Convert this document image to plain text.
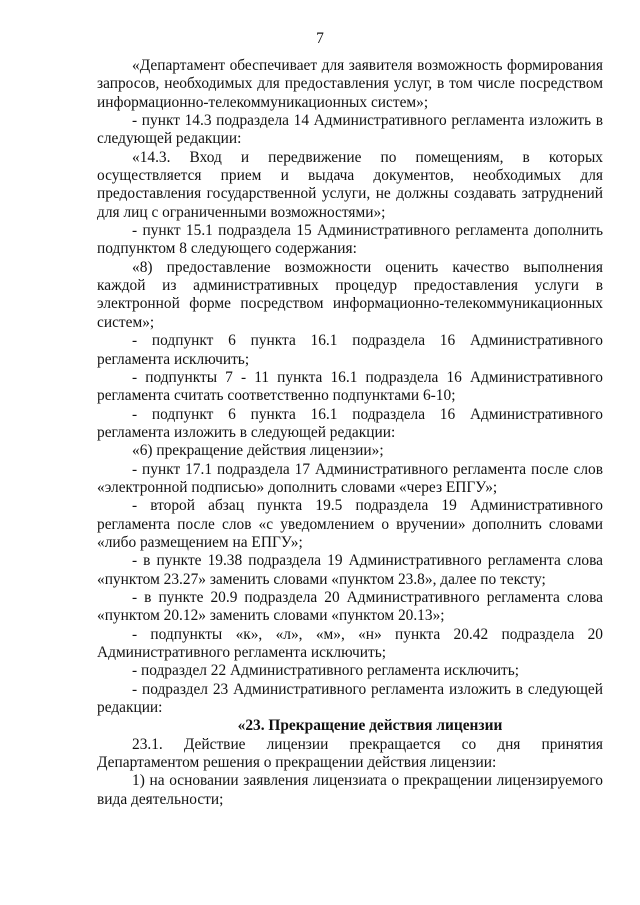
7

«Департамент обеспечивает для заявителя возможность формирования запросов, необходимых для предоставления услуг, в том числе посредством информационно-телекоммуникационных систем»;

- пункт 14.3 подраздела 14 Административного регламента изложить в следующей редакции:

«14.3. Вход и передвижение по помещениям, в которых осуществляется прием и выдача документов, необходимых для предоставления государственной услуги, не должны создавать затруднений для лиц с ограниченными возможностями»;

- пункт 15.1 подраздела 15 Административного регламента дополнить подпунктом 8 следующего содержания:

«8) предоставление возможности оценить качество выполнения каждой из административных процедур предоставления услуги в электронной форме посредством информационно-телекоммуникационных систем»;

- подпункт 6 пункта 16.1 подраздела 16 Административного регламента исключить;

- подпункты 7 - 11 пункта 16.1 подраздела 16 Административного регламента считать соответственно подпунктами 6-10;

- подпункт 6 пункта 16.1 подраздела 16 Административного регламента изложить в следующей редакции:

«6) прекращение действия лицензии»;

- пункт 17.1 подраздела 17 Административного регламента после слов «электронной подписью» дополнить словами «через ЕПГУ»;

- второй абзац пункта 19.5 подраздела 19 Административного регламента после слов «с уведомлением о вручении» дополнить словами «либо размещением на ЕПГУ»;

- в пункте 19.38 подраздела 19 Административного регламента слова «пунктом 23.27» заменить словами «пунктом 23.8», далее по тексту;

- в пункте 20.9 подраздела 20 Административного регламента слова «пунктом 20.12» заменить словами «пунктом 20.13»;

- подпункты «к», «л», «м», «н» пункта 20.42 подраздела 20 Административного регламента исключить;

- подраздел 22 Административного регламента исключить;

- подраздел 23 Административного регламента изложить в следующей редакции:

«23. Прекращение действия лицензии

23.1. Действие лицензии прекращается со дня принятия Департаментом решения о прекращении действия лицензии:

1) на основании заявления лицензиата о прекращении лицензируемого вида деятельности;
